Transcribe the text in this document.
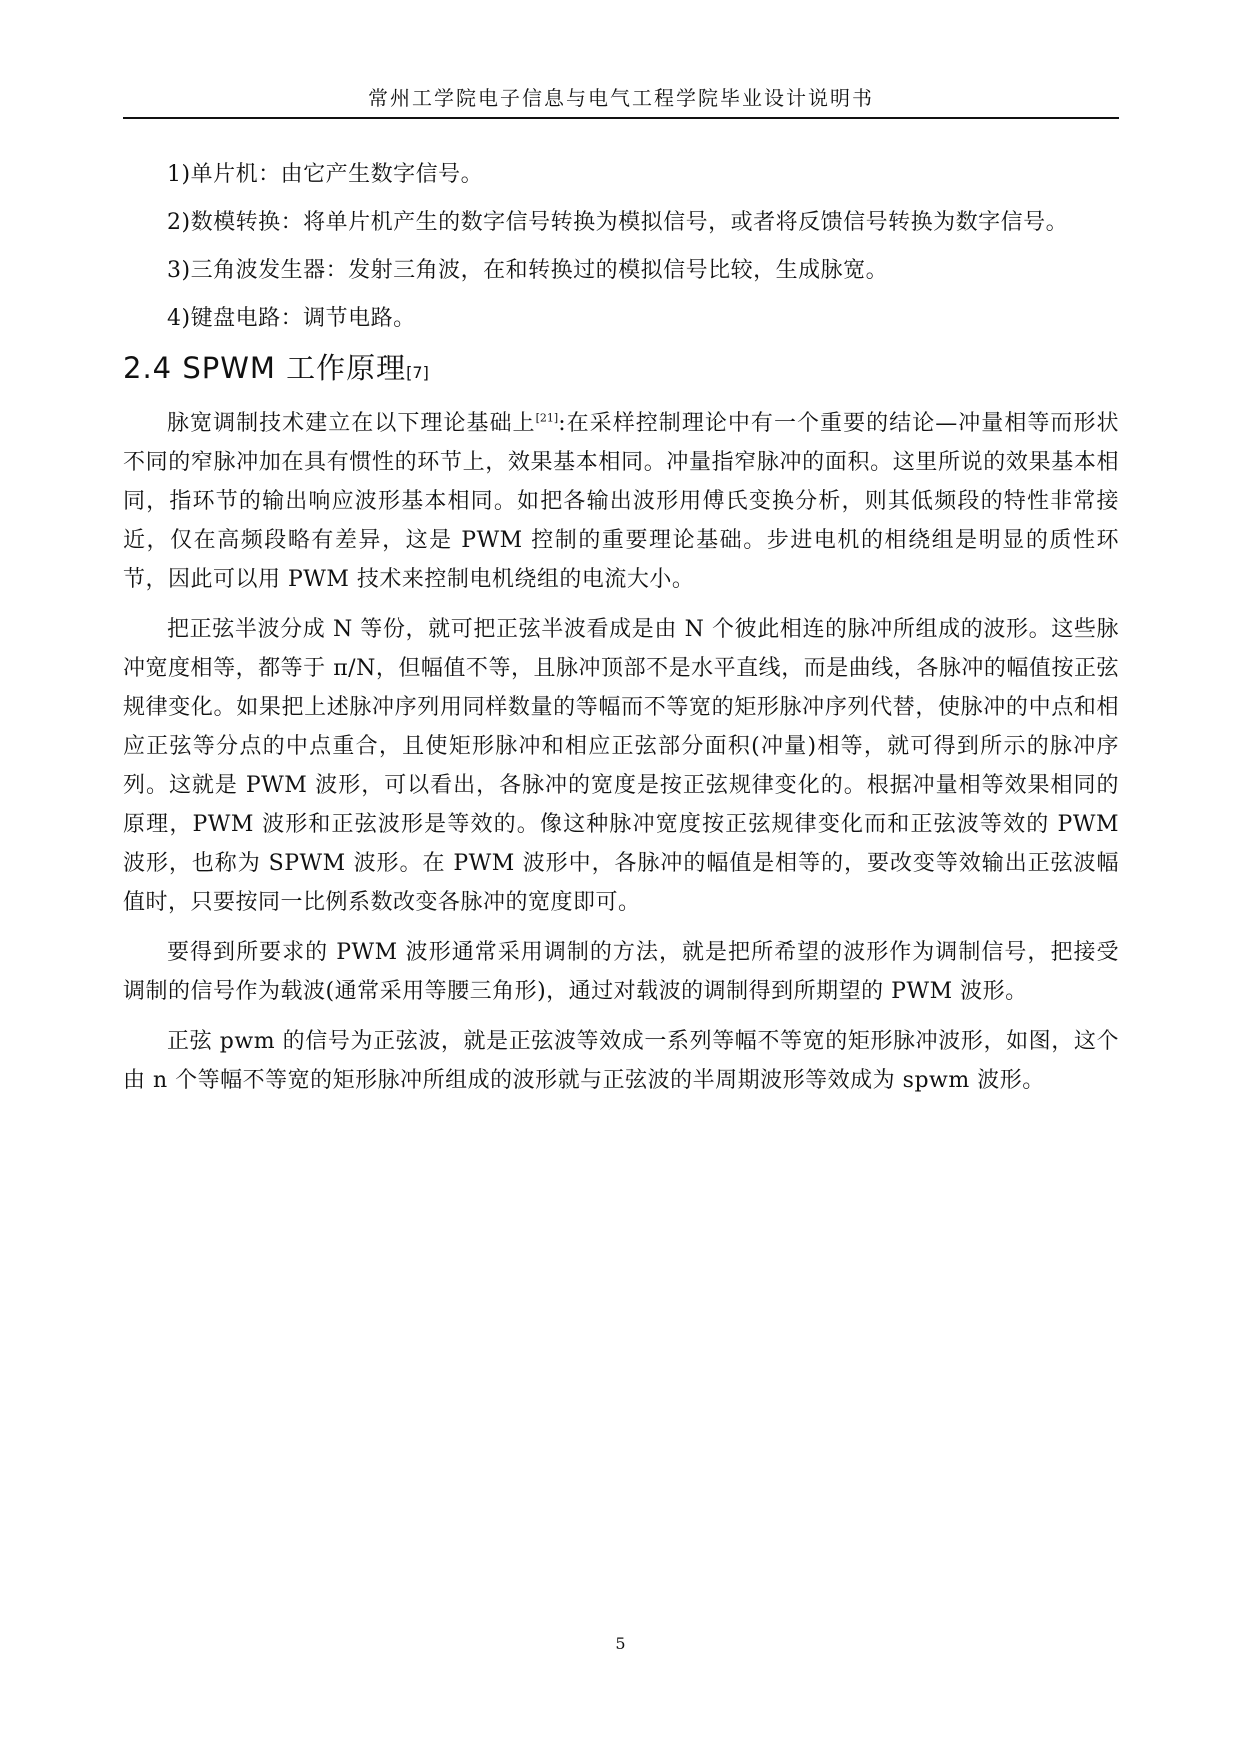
常州工学院电子信息与电气工程学院毕业设计说明书

1)单片机：由它产生数字信号。

2)数模转换：将单片机产生的数字信号转换为模拟信号，或者将反馈信号转换为数字信号。

3)三角波发生器：发射三角波，在和转换过的模拟信号比较，生成脉宽。

4)键盘电路：调节电路。

2.4 SPWM 工作原理[7]

脉宽调制技术建立在以下理论基础上[21]:在采样控制理论中有一个重要的结论—冲量相等而形状不同的窄脉冲加在具有惯性的环节上，效果基本相同。冲量指窄脉冲的面积。这里所说的效果基本相同，指环节的输出响应波形基本相同。如把各输出波形用傅氏变换分析，则其低频段的特性非常接近，仅在高频段略有差异，这是 PWM 控制的重要理论基础。步进电机的相绕组是明显的质性环节，因此可以用 PWM 技术来控制电机绕组的电流大小。

把正弦半波分成 N 等份，就可把正弦半波看成是由 N 个彼此相连的脉冲所组成的波形。这些脉冲宽度相等，都等于 π/N，但幅值不等，且脉冲顶部不是水平直线，而是曲线，各脉冲的幅值按正弦规律变化。如果把上述脉冲序列用同样数量的等幅而不等宽的矩形脉冲序列代替，使脉冲的中点和相应正弦等分点的中点重合，且使矩形脉冲和相应正弦部分面积(冲量)相等，就可得到所示的脉冲序列。这就是 PWM 波形，可以看出，各脉冲的宽度是按正弦规律变化的。根据冲量相等效果相同的原理，PWM 波形和正弦波形是等效的。像这种脉冲宽度按正弦规律变化而和正弦波等效的 PWM 波形，也称为 SPWM 波形。在 PWM 波形中，各脉冲的幅值是相等的，要改变等效输出正弦波幅值时，只要按同一比例系数改变各脉冲的宽度即可。

要得到所要求的 PWM 波形通常采用调制的方法，就是把所希望的波形作为调制信号，把接受调制的信号作为载波(通常采用等腰三角形)，通过对载波的调制得到所期望的 PWM 波形。

正弦 pwm 的信号为正弦波，就是正弦波等效成一系列等幅不等宽的矩形脉冲波形，如图，这个由 n 个等幅不等宽的矩形脉冲所组成的波形就与正弦波的半周期波形等效成为 spwm 波形。

5
